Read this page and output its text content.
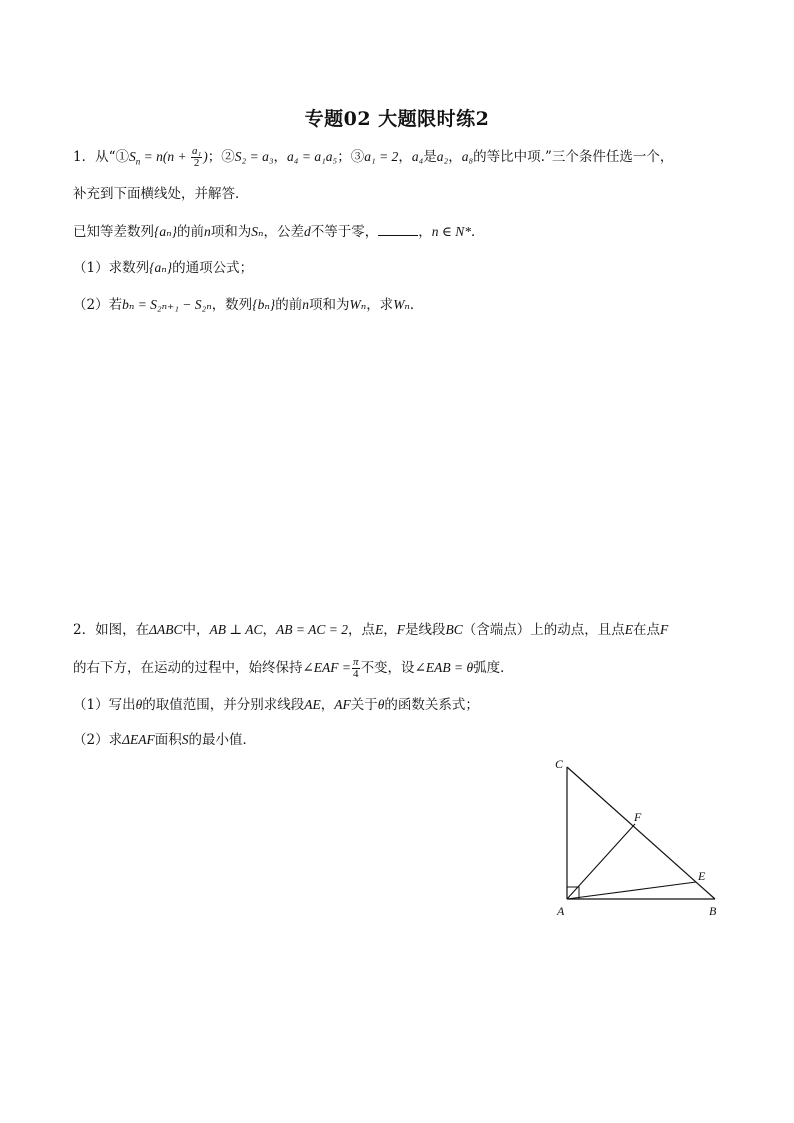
专题02 大题限时练2
1．从“$①S_n = n(n + \frac{\text{a₁}}{2}$ )；②S₂ = a₃，a₄ = a₁a₅；③a₁ = 2，a₄是a₂，a₈的等比中项.”三个条件任选一个，
补充到下面横线处，并解答．
已知等差数列{aₙ}的前n项和为Sₙ，公差d不等于零，	，n ∈ N*．
（1）求数列{aₙ}的通项公式；
（2）若bₙ = S₂ₙ₊₁ − S₂ₙ，数列{bₙ}的前n项和为Wₙ，求Wₙ．
2．如图，在ΔABC中，AB ⊥ AC，AB = AC = 2，点E，F是线段BC（含端点）上的动点，且点E在点F
的右下方，在运动的过程中，始终保持∠EAF = $\frac{\pi}{4}$ 不变，设∠EAB = θ弧度．
（1）写出θ的取值范围，并分别求线段AE，AF关于θ的函数关系式；
（2）求ΔEAF面积S的最小值．
C
F
E
A	B
